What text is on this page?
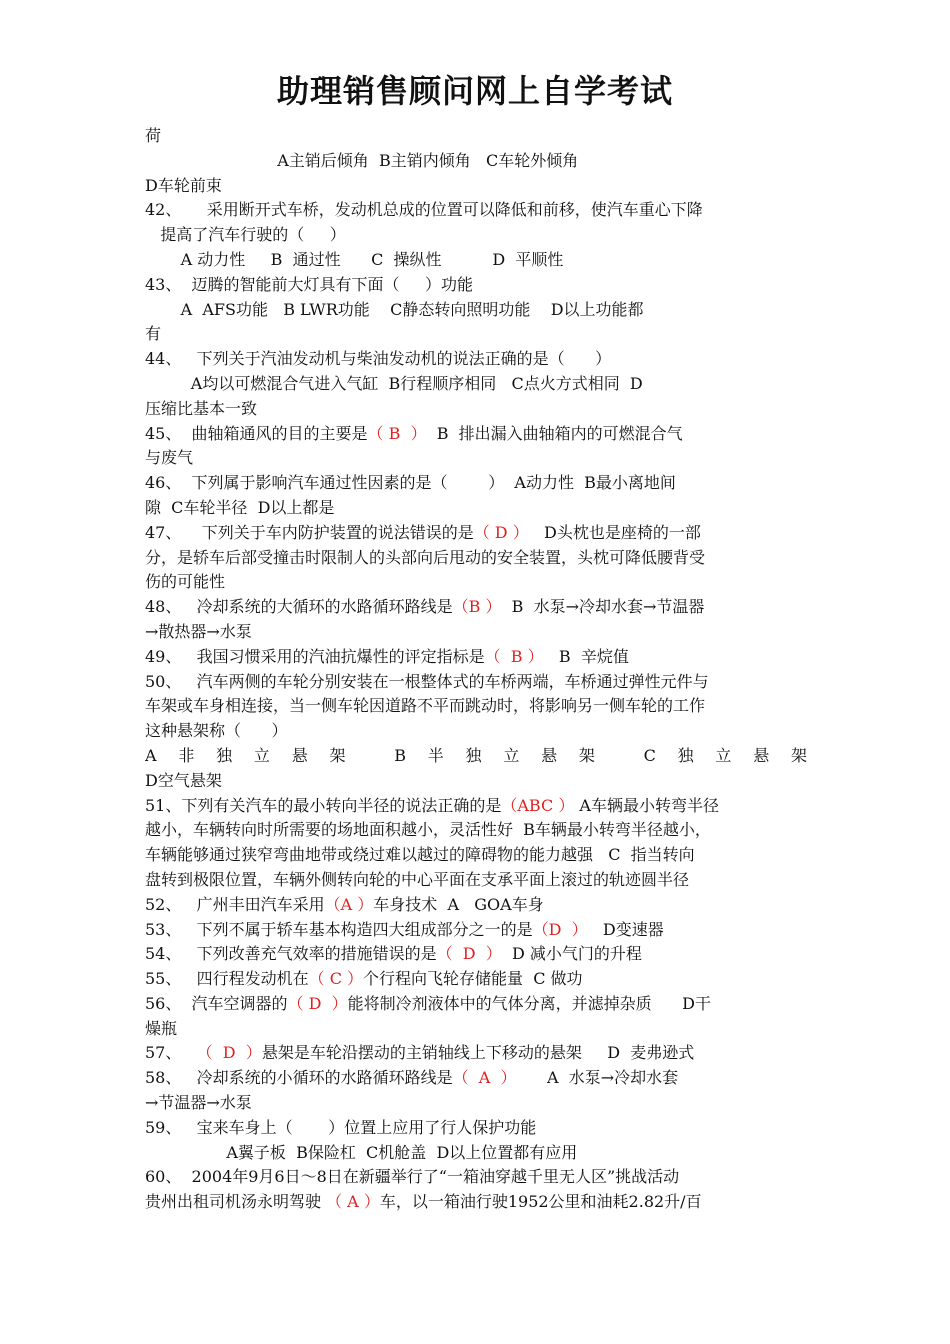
助理销售顾问网上自学考试
荷
A主销后倾角  B主销内倾角   C车轮外倾角
D车轮前束
42、     采用断开式车桥，发动机总成的位置可以降低和前移，使汽车重心下降
提高了汽车行驶的（     ）
A 动力性     B  通过性      C  操纵性          D  平顺性
43、  迈腾的智能前大灯具有下面（     ）功能
A  AFS功能   B LWR功能    C静态转向照明功能    D以上功能都
有
44、   下列关于汽油发动机与柴油发动机的说法正确的是（      ）
A均以可燃混合气进入气缸  B行程顺序相同   C点火方式相同  D
压缩比基本一致
45、  曲轴箱通风的目的主要是（ B  ）  B  排出漏入曲轴箱内的可燃混合气
与废气
46、  下列属于影响汽车通过性因素的是（        ）  A动力性  B最小离地间
隙  C车轮半径  D以上都是
47、    下列关于车内防护装置的说法错误的是（ D ）   D头枕也是座椅的一部
分，是轿车后部受撞击时限制人的头部向后甩动的安全装置，头枕可降低腰背受
伤的可能性
48、   冷却系统的大循环的水路循环路线是（B ）  B  水泵→冷却水套→节温器
→散热器→水泵
49、   我国习惯采用的汽油抗爆性的评定指标是（  B ）   B  辛烷值
50、   汽车两侧的车轮分别安装在一根整体式的车桥两端，车桥通过弹性元件与
车架或车身相连接，当一侧车轮因道路不平而跳动时，将影响另一侧车轮的工作
这种悬架称（      ）
A非独立悬架 B半独立悬架 C独立悬架
D空气悬架
51、下列有关汽车的最小转向半径的说法正确的是（ABC ） A车辆最小转弯半径
越小，车辆转向时所需要的场地面积越小，灵活性好  B车辆最小转弯半径越小，
车辆能够通过狭窄弯曲地带或绕过难以越过的障碍物的能力越强   C  指当转向
盘转到极限位置，车辆外侧转向轮的中心平面在支承平面上滚过的轨迹圆半径
52、   广州丰田汽车采用（A ）车身技术  A   GOA车身
53、   下列不属于轿车基本构造四大组成部分之一的是（D  ）   D变速器
54、   下列改善充气效率的措施错误的是（  D  ）  D 减小气门的升程
55、   四行程发动机在（ C ）个行程向飞轮存储能量  C 做功
56、  汽车空调器的（ D  ）能将制冷剂液体中的气体分离，并滤掉杂质      D干
燥瓶
57、   （  D  ）悬架是车轮沿摆动的主销轴线上下移动的悬架     D  麦弗逊式
58、   冷却系统的小循环的水路循环路线是（  A  ）      A  水泵→冷却水套
→节温器→水泵
59、   宝来车身上（       ）位置上应用了行人保护功能
A翼子板  B保险杠  C机舱盖  D以上位置都有应用
60、  2004年9月6日～8日在新疆举行了“一箱油穿越千里无人区”挑战活动
贵州出租司机汤永明驾驶 （ A ）车，以一箱油行驶1952公里和油耗2.82升/百
